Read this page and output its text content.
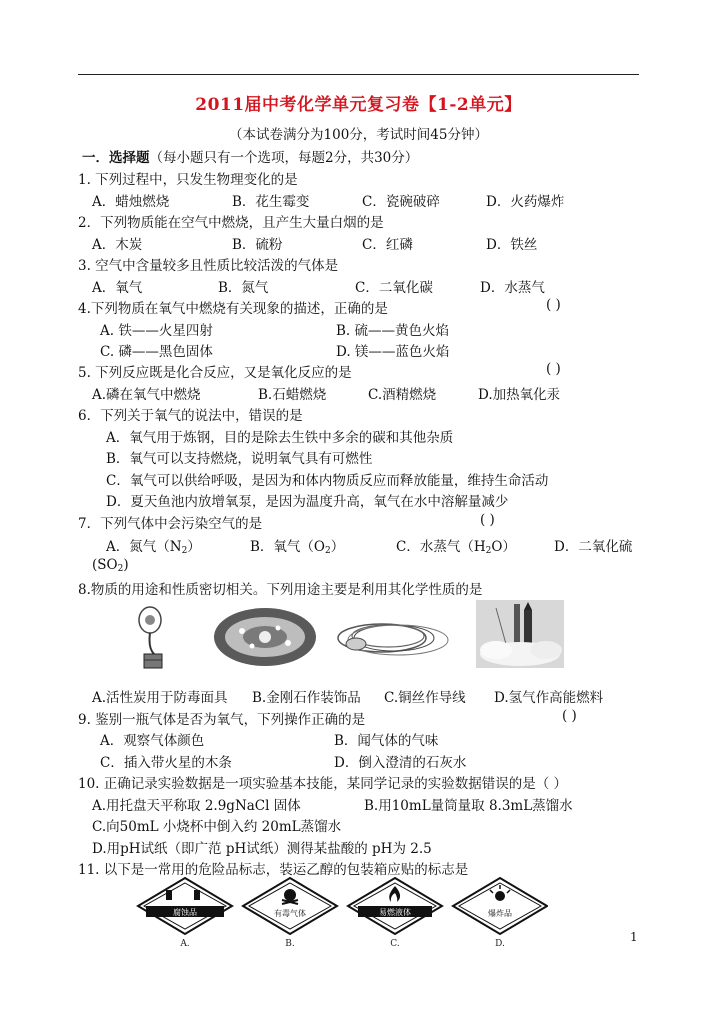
2011届中考化学单元复习卷【1-2单元】
（本试卷满分为100分，考试时间45分钟）
一．选择题（每小题只有一个选项，每题2分，共30分）
1. 下列过程中，只发生物理变化的是
A．蜡烛燃烧	B．花生霉变	C．瓷碗破碎	D．火药爆炸
2．下列物质能在空气中燃烧，且产生大量白烟的是
A．木炭	B．硫粉	C．红磷	D．铁丝
3. 空气中含量较多且性质比较活泼的气体是
A．氧气	B．氮气	C．二氧化碳	D．水蒸气
4.下列物质在氧气中燃烧有关现象的描述，正确的是	( )
A. 铁——火星四射	B. 硫——黄色火焰
C. 磷——黑色固体	D. 镁——蓝色火焰
5. 下列反应既是化合反应，又是氧化反应的是	( )
A.磷在氧气中燃烧	B.石蜡燃烧	C.酒精燃烧	D.加热氧化汞
6．下列关于氧气的说法中，错误的是
A．氧气用于炼钢，目的是除去生铁中多余的碳和其他杂质
B．氧气可以支持燃烧，说明氧气具有可燃性
C．氧气可以供给呼吸，是因为和体内物质反应而释放能量，维持生命活动
D．夏天鱼池内放增氧泵，是因为温度升高，氧气在水中溶解量减少
7．下列气体中会污染空气的是	( )
A．氮气$(N_2)$	B．氧气$(O_2)$	C．水蒸气$(H_2O)$	D．二氧化硫
$(SO_2)$
8.物质的用途和性质密切相关。下列用途主要是利用其化学性质的是
A.活性炭用于防毒面具 B.金刚石作装饰品 C.铜丝作导线 D.氢气作高能燃料
9. 鉴别一瓶气体是否为氧气，下列操作正确的是	( )
A．观察气体颜色	B．闻气体的气味
C．插入带火星的木条	D．倒入澄清的石灰水
10. 正确记录实验数据是一项实验基本技能，某同学记录的实验数据错误的是（ ）
A.用托盘天平称取 2.9gNaCl 固体	B.用10mL量筒量取 8.3mL蒸馏水
C.向50mL 小烧杯中倒入约 20mL蒸馏水
D.用pH试纸（即广范 pH试纸）测得某盐酸的 pH为 2.5
11. 以下是一常用的危险品标志，装运乙醇的包装箱应贴的标志是
腐蚀品
A.
有毒气体
B.
易燃液体
C.
爆炸品
D.	1
